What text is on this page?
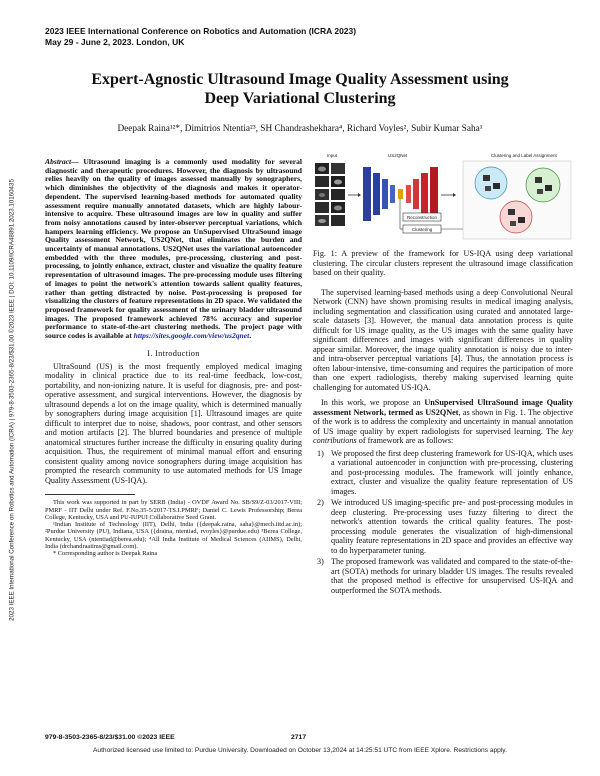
2023 IEEE International Conference on Robotics and Automation (ICRA 2023)
May 29 - June 2, 2023. London, UK
2023 IEEE International Conference on Robotics and Automation (ICRA) | 979-8-3503-2365-8/23/$31.00 ©2023 IEEE | DOI: 10.1109/ICRA48891.2023.10160435
Expert-Agnostic Ultrasound Image Quality Assessment using
Deep Variational Clustering
Deepak Raina¹²*, Dimitrios Ntentia²³, SH Chandrashekhara⁴, Richard Voyles², Subir Kumar Saha¹

Abstract— Ultrasound imaging is a commonly used modality for several diagnostic and therapeutic procedures. However, the diagnosis by ultrasound relies heavily on the quality of images assessed manually by sonographers, which diminishes the objectivity of the diagnosis and makes it operator-dependent. The supervised learning-based methods for automated quality assessment require manually annotated datasets, which are highly labour-intensive to acquire. These ultrasound images are low in quality and suffer from noisy annotations caused by inter-observer perceptual variations, which hampers learning efficiency. We propose an UnSupervised UltraSound image Quality assessment Network, US2QNet, that eliminates the burden and uncertainty of manual annotations. US2QNet uses the variational autoencoder embedded with the three modules, pre-processing, clustering and post-processing, to jointly enhance, extract, cluster and visualize the quality feature representation of ultrasound images. The pre-processing module uses filtering of images to point the network's attention towards salient quality features, rather than getting distracted by noise. Post-processing is proposed for visualizing the clusters of feature representations in 2D space. We validated the proposed framework for quality assessment of the urinary bladder ultrasound images. The proposed framework achieved 78% accuracy and superior performance to state-of-the-art clustering methods. The project page with source codes is available at https://sites.google.com/view/us2qnet.

I. Introduction

UltraSound (US) is the most frequently employed medical imaging modality in clinical practice due to its real-time feedback, low-cost, portability, and non-ionizing nature. It is useful for diagnosis, pre- and post-operative assessment, and surgical interventions. However, the diagnosis by ultrasound depends a lot on the image quality, which is determined manually by sonographers during image acquisition [1]. Ultrasound images are quite difficult to interpret due to noise, shadows, poor contrast, and other sensors and motion artifacts [2]. The blurred boundaries and presence of multiple anatomical structures further increase the difficulty in ensuring quality during acquisition. Thus, the requirement of minimal manual effort and ensuring consistent quality among novice sonographers during image acquisition has prompted the research community to use automated methods for US Image Quality Assessment (US-IQA).

This work was supported in part by SERB (India) - OVDF Award No. SB/S9/Z-03/2017-VIII; PMRF - IIT Delhi under Ref. F.No.35-5/2017-TS.I.PMRF; Daniel C. Lewis Professorship; Berea College, Kentucky, USA and PU-IUPUI Collaborative Seed Grant.

¹Indian Institute of Technology (IIT), Delhi, India ({deepak.raina, saha}@mech.iitd.ac.in); ²Purdue University (PU), Indiana, USA ({draina, ntentiad, rvoyles}@purdue.edu) ³Berea College, Kentucky, USA (ntentiad@berea.edu); ⁴All India Institute of Medical Sciences (AIIMS), Delhi, India (drchandraaiims@gmail.com).

* Corresponding author is Deepak Raina

Input	US2QNet	Clustering and Label Assignment
Reconstruction
Clustering

Fig. 1: A preview of the framework for US-IQA using deep variational clustering. The circular clusters represent the ultrasound image classification based on their quality.

The supervised learning-based methods using a deep Convolutional Neural Network (CNN) have shown promising results in medical imaging analysis, including segmentation and classification using curated and annotated large-scale datasets [3]. However, the manual data annotation process is quite difficult for US image quality, as the US images with the same quality have significant differences and images with significant differences in quality appear similar. Moreover, the image quality annotation is noisy due to inter- and intra-observer perceptual variations [4]. Thus, the annotation process is often labour-intensive, time-consuming and requires the participation of more than one expert radiologists, thereby making supervised learning quite challenging for automated US-IQA.

In this work, we propose an UnSupervised UltraSound image Quality assessment Network, termed as US2QNet, as shown in Fig. 1. The objective of the work is to address the complexity and uncertainty in manual annotation of US image quality by expert radiologists for supervised learning. The key contributions of framework are as follows:

1) We proposed the first deep clustering framework for US-IQA, which uses a variational autoencoder in conjunction with pre-processing, clustering and post-processing modules. The framework will jointly enhance, extract, cluster and visualize the quality feature representation of US images.
2) We introduced US imaging-specific pre- and post-processing modules in deep clustering. Pre-processing uses fuzzy filtering to direct the network's attention towards the critical quality features. The post-processing module generates the visualization of high-dimensional quality feature representations in 2D space and provides an effective way to do hyperparameter tuning.
3) The proposed framework was validated and compared to the state-of-the-art (SOTA) methods for urinary bladder US images. The results revealed that the proposed method is effective for unsupervised US-IQA and outperformed the SOTA methods.
979-8-3503-2365-8/23/$31.00 ©2023 IEEE	2717
Authorized licensed use limited to: Purdue University. Downloaded on October 13,2024 at 14:25:51 UTC from IEEE Xplore. Restrictions apply.
